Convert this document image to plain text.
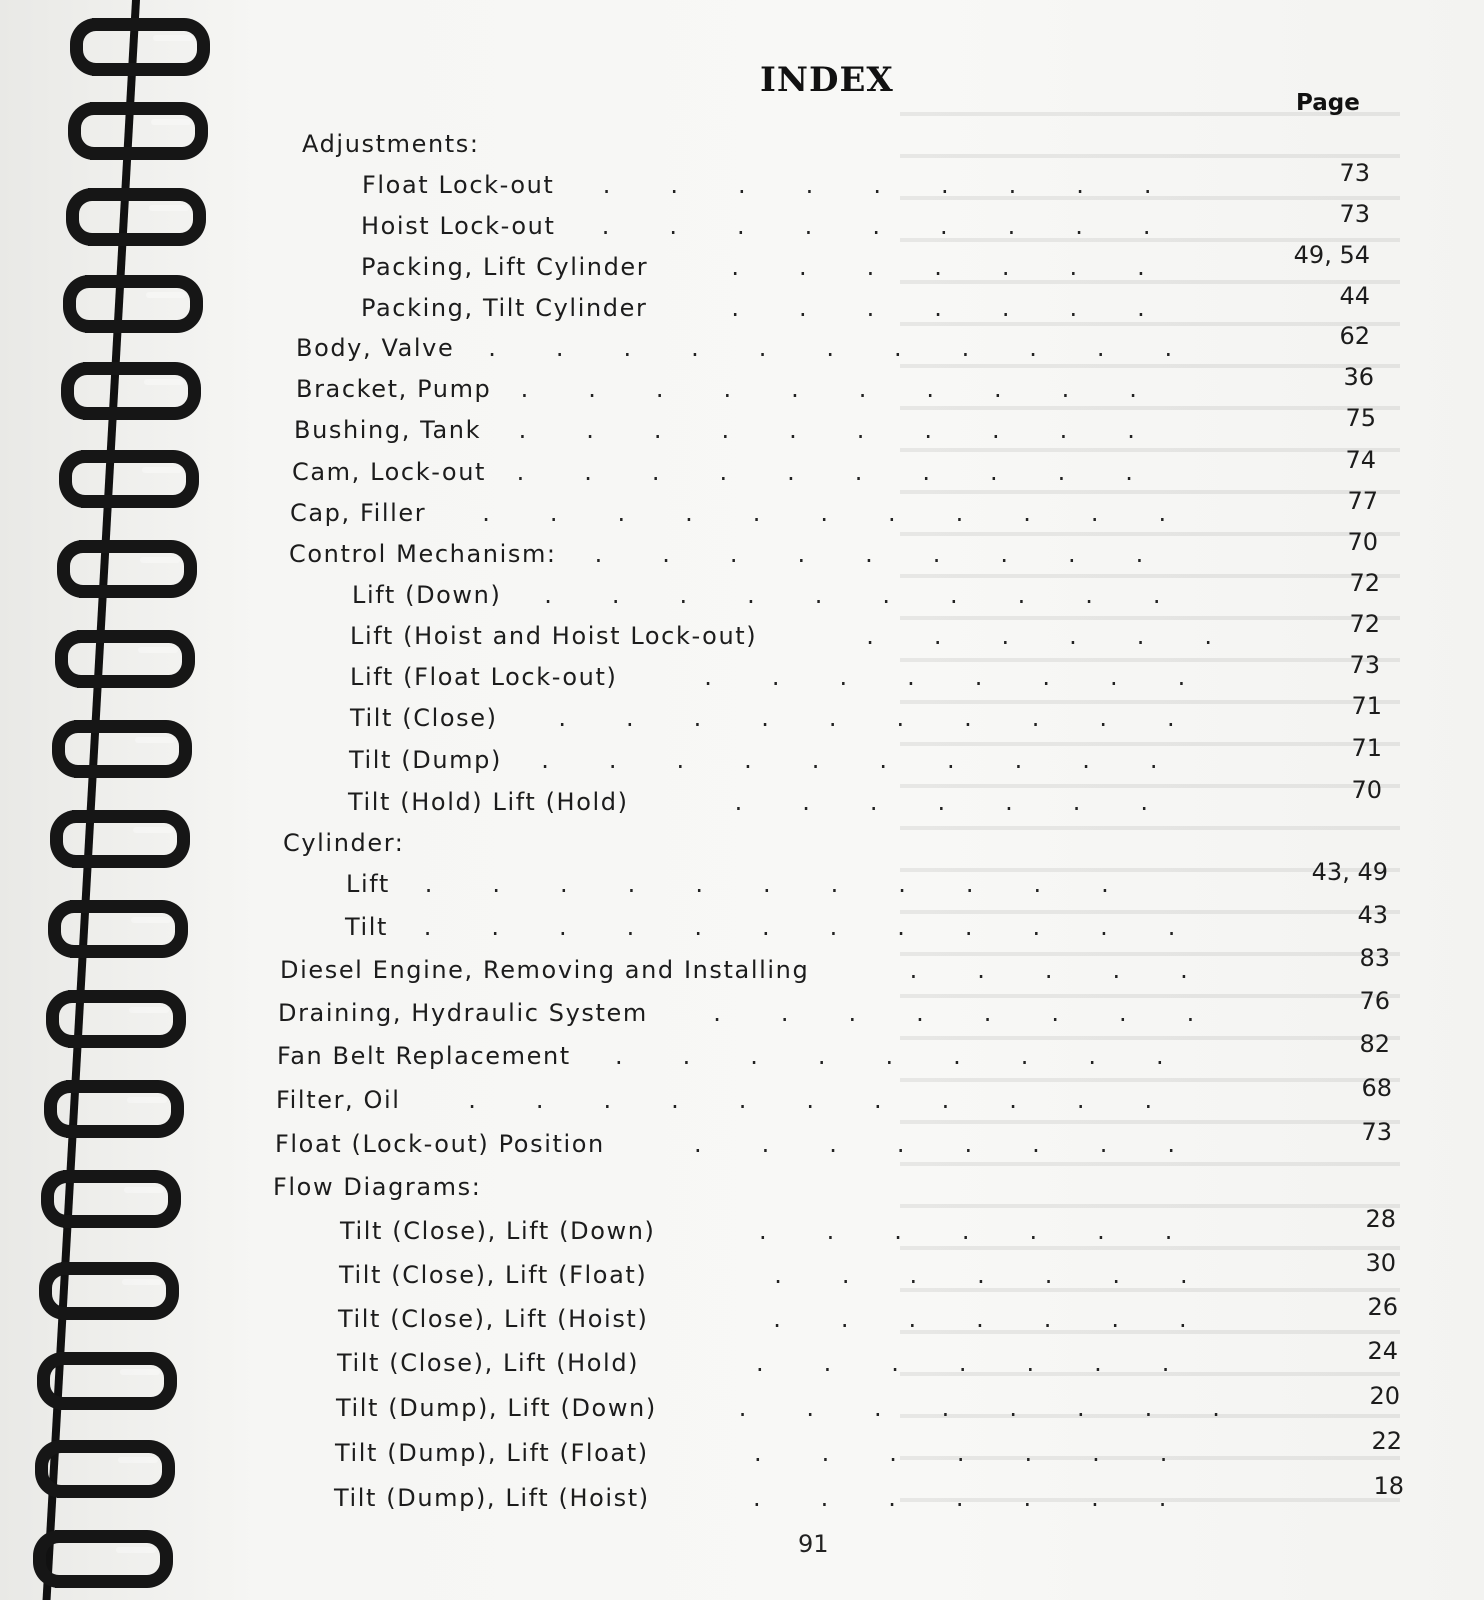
INDEX
Page
Adjustments:
Float Lock-out .   .   .   .   .   .   .   .   .	73
Hoist Lock-out .   .   .   .   .   .   .   .   .	73
Packing, Lift Cylinder	.   .   .   .   .   .   .	49, 54
Packing, Tilt Cylinder	.   .   .   .   .   .   .	44
Body, Valve .   .   .   .   .   .   .   .   .   .   .	62
Bracket, Pump .   .   .   .   .   .   .   .   .   .	36
Bushing, Tank .   .   .   .   .   .   .   .   .   .	75
Cam, Lock-out .   .   .   .   .   .   .   .   .   .	74
Cap, Filler .   .   .   .   .   .   .   .   .   .   .	77
Control Mechanism: .   .   .   .   .   .   .   .   .	70
Lift (Down) .   .   .   .   .   .   .   .   .   .	72
Lift (Hoist and Hoist Lock-out)	.   .   .   .   .   .	72
Lift (Float Lock-out)	.   .   .   .   .   .   .   .	73
Tilt (Close)	.   .   .   .   .   .   .   .   .   .	71
Tilt (Dump) .   .   .   .   .   .   .   .   .   .	71
Tilt (Hold) Lift (Hold)	.   .   .   .   .   .   .	70
Cylinder:
Lift .   .   .   .   .   .   .   .   .   .   .	43, 49
Tilt .   .   .   .   .   .   .   .   .   .   .   .	43
Diesel Engine, Removing and Installing	.   .   .   .   .	83
Draining, Hydraulic System	.   .   .   .   .   .   .   .	76
Fan Belt Replacement .   .   .   .   .   .   .   .   .	82
Filter, Oil	.   .   .   .   .   .   .   .   .   .   .	68
Float (Lock-out) Position	.   .   .   .   .   .   .   .	73
Flow Diagrams:
Tilt (Close), Lift (Down)	.   .   .   .   .   .   .	28
Tilt (Close), Lift (Float)	.   .   .   .   .   .   .	30
Tilt (Close), Lift (Hoist)	.   .   .   .   .   .   .	26
Tilt (Close), Lift (Hold)	.   .   .   .   .   .   .	24
Tilt (Dump), Lift (Down)	.   .   .   .   .   .   .   .	20
Tilt (Dump), Lift (Float)	.   .   .   .   .   .   .	22
Tilt (Dump), Lift (Hoist)	.   .   .   .   .   .   .	18
91
